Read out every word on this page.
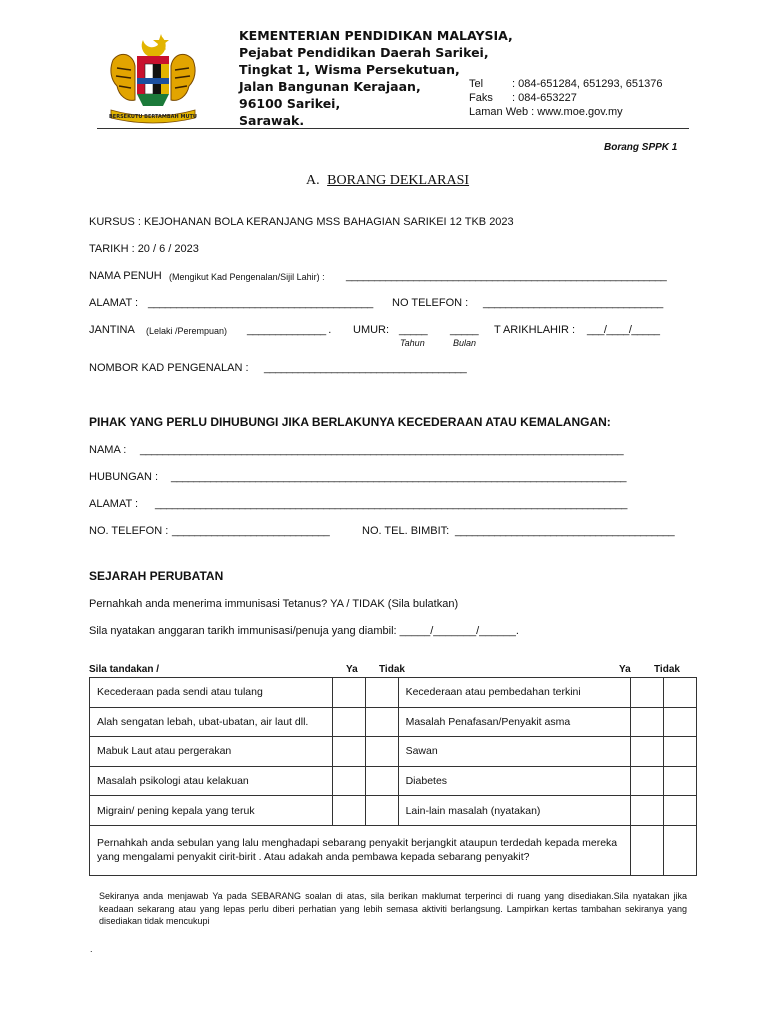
BERSEKUTU BERTAMBAH MUTU
KEMENTERIAN PENDIDIKAN MALAYSIA,
Pejabat Pendidikan Daerah Sarikei,
Tingkat 1, Wisma Persekutuan,
Jalan Bangunan Kerajaan,
96100 Sarikei,
Sarawak.
Tel	: 084-651284, 651293, 651376
Faks : 084-653227
Laman Web : www.moe.gov.my
Borang SPPK 1
A. BORANG DEKLARASI
KURSUS : KEJOHANAN BOLA KERANJANG MSS BAHAGIAN SARIKEI 12 TKB 2023
TARIKH : 20 / 6 / 2023
NAMA PENUH (Mengikut Kad Pengenalan/Sijil Lahir) : _________________________________________________________
ALAMAT : ________________________________________ NO TELEFON : ________________________________
JANTINA (Lelaki /Perempuan) ______________ . UMUR: _____ _____
Tahun	Bulan
T ARIKHLAHIR : ___/____/_____
NOMBOR KAD PENGENALAN : ____________________________________
PIHAK YANG PERLU DIHUBUNGI JIKA BERLAKUNYA KECEDERAAN ATAU KEMALANGAN:
NAMA : ______________________________________________________________________________________
HUBUNGAN : _________________________________________________________________________________
ALAMAT : ____________________________________________________________________________________
NO. TELEFON : ____________________________	NO. TEL. BIMBIT: _______________________________________
SEJARAH PERUBATAN
Pernahkah anda menerima immunisasi Tetanus? YA / TIDAK (Sila bulatkan)
Sila nyatakan anggaran tarikh immunisasi/penuja yang diambil: _____/_______/______.
Sila tandakan /	Ya Tidak	Ya Tidak
Kecederaan pada sendi atau tulang			Kecederaan atau pembedahan terkini		
Alah sengatan lebah, ubat-ubatan, air laut dll.			Masalah Penafasan/Penyakit asma		
Mabuk Laut atau pergerakan			Sawan		
Masalah psikologi atau kelakuan			Diabetes		
Migrain/ pening kepala yang teruk			Lain-lain masalah (nyatakan)		
Pernahkah anda sebulan yang lalu menghadapi sebarang penyakit berjangkit ataupun terdedah kepada mereka yang mengalami penyakit cirit-birit . Atau adakah anda pembawa kepada sebarang penyakit?					
Sekiranya anda menjawab Ya pada SEBARANG soalan di atas, sila berikan maklumat terperinci di ruang yang disediakan.Sila nyatakan jika keadaan sekarang atau yang lepas perlu diberi perhatian yang lebih semasa aktiviti berlangsung. Lampirkan kertas tambahan sekiranya yang disediakan tidak mencukupi
.
